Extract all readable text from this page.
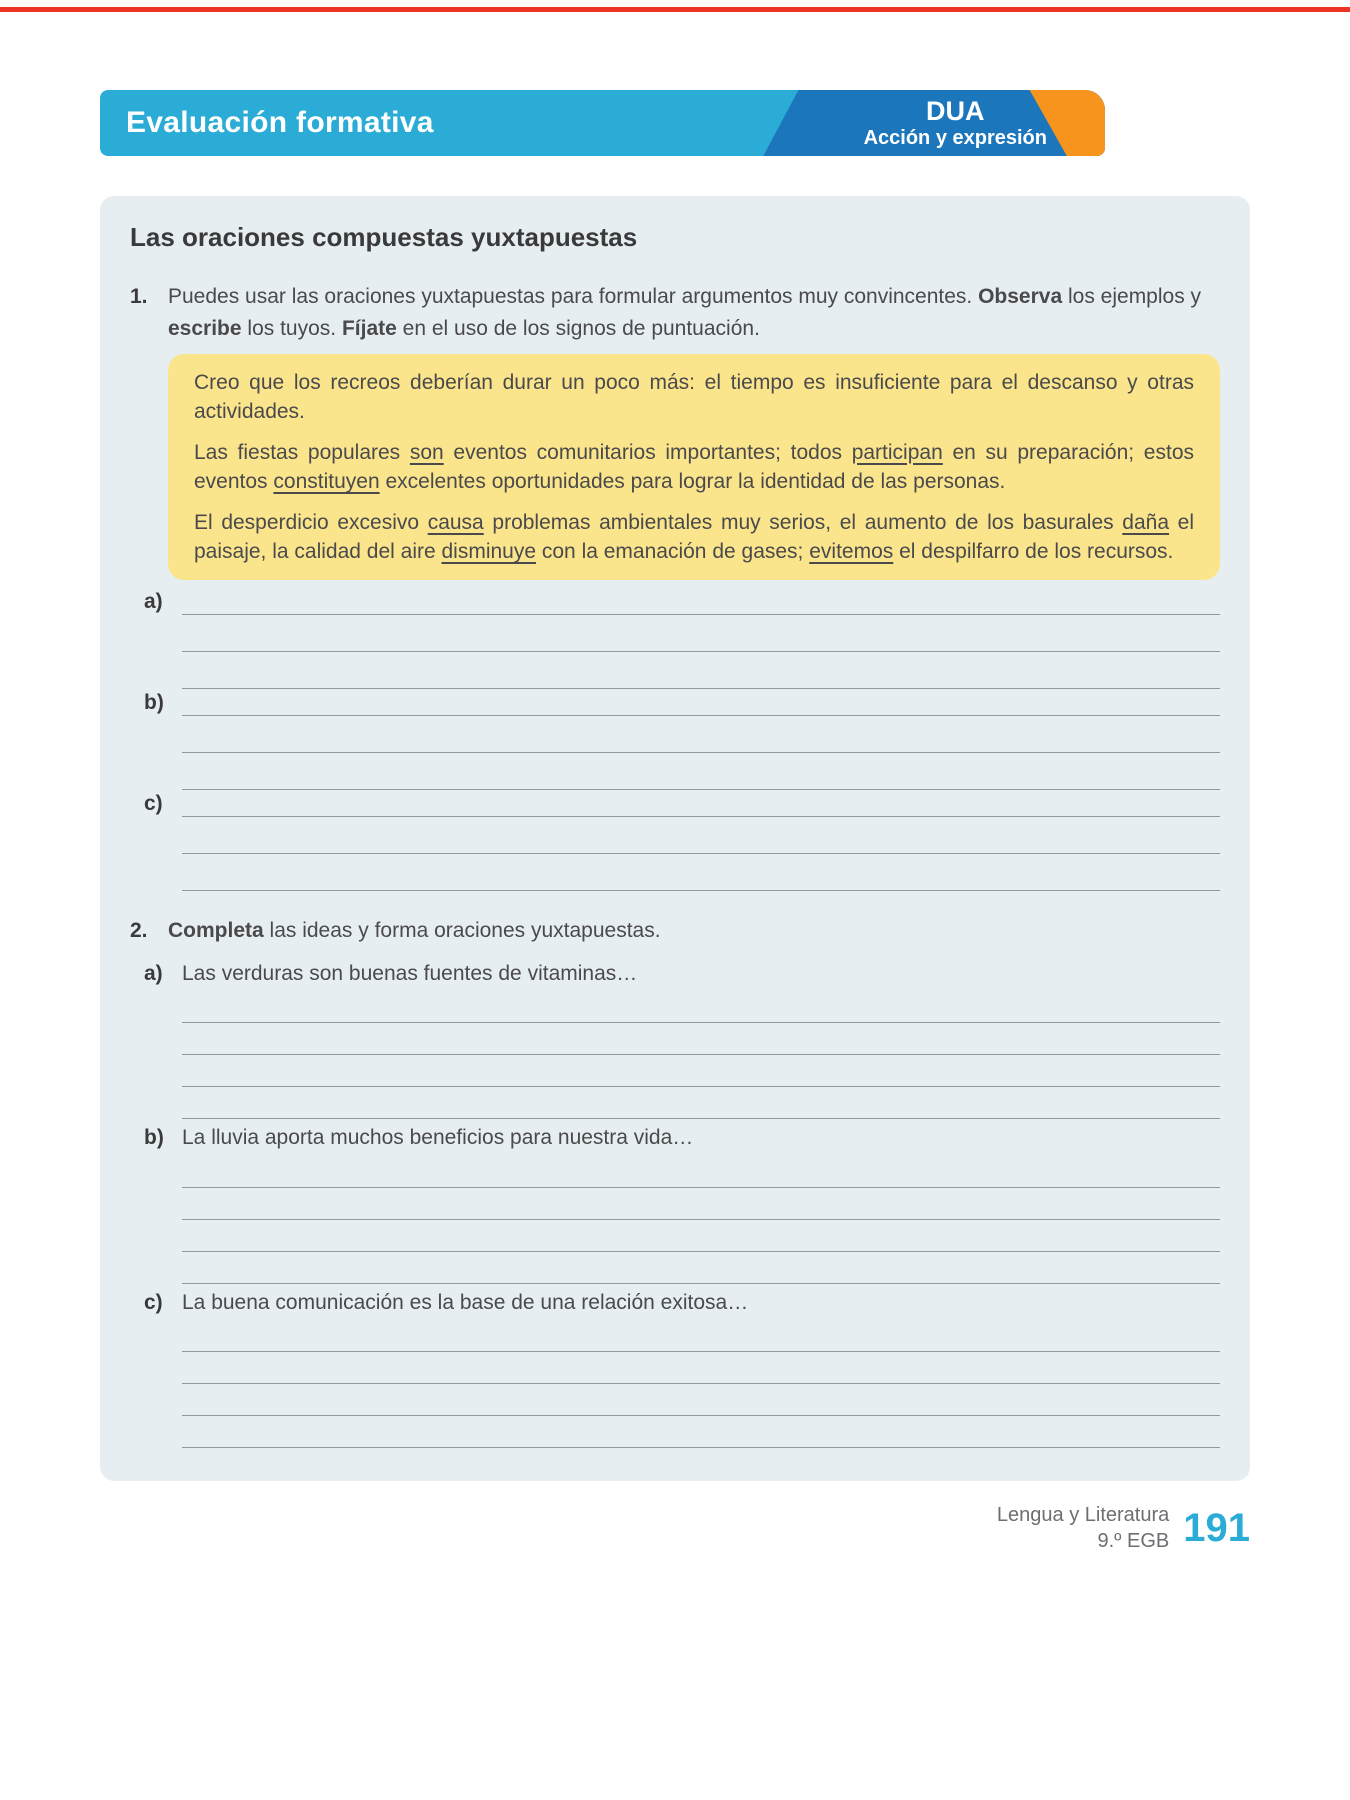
Evaluación formativa	DUA
Acción y expresión
Las oraciones compuestas yuxtapuestas
1. Puedes usar las oraciones yuxtapuestas para formular argumentos muy convincentes. Observa los ejemplos y escribe los tuyos. Fíjate en el uso de los signos de puntuación.

Creo que los recreos deberían durar un poco más: el tiempo es insuficiente para el descanso y otras actividades.

Las fiestas populares son eventos comunitarios importantes; todos participan en su preparación; estos eventos constituyen excelentes oportunidades para lograr la identidad de las personas.

El desperdicio excesivo causa problemas ambientales muy serios, el aumento de los basurales daña el paisaje, la calidad del aire disminuye con la emanación de gases; evitemos el despilfarro de los recursos.

a)
b)
c)
2. Completa las ideas y forma oraciones yuxtapuestas.

a) Las verduras son buenas fuentes de vitaminas…
b) La lluvia aporta muchos beneficios para nuestra vida…
c) La buena comunicación es la base de una relación exitosa…
Lengua y Literatura
9.º EGB 191
